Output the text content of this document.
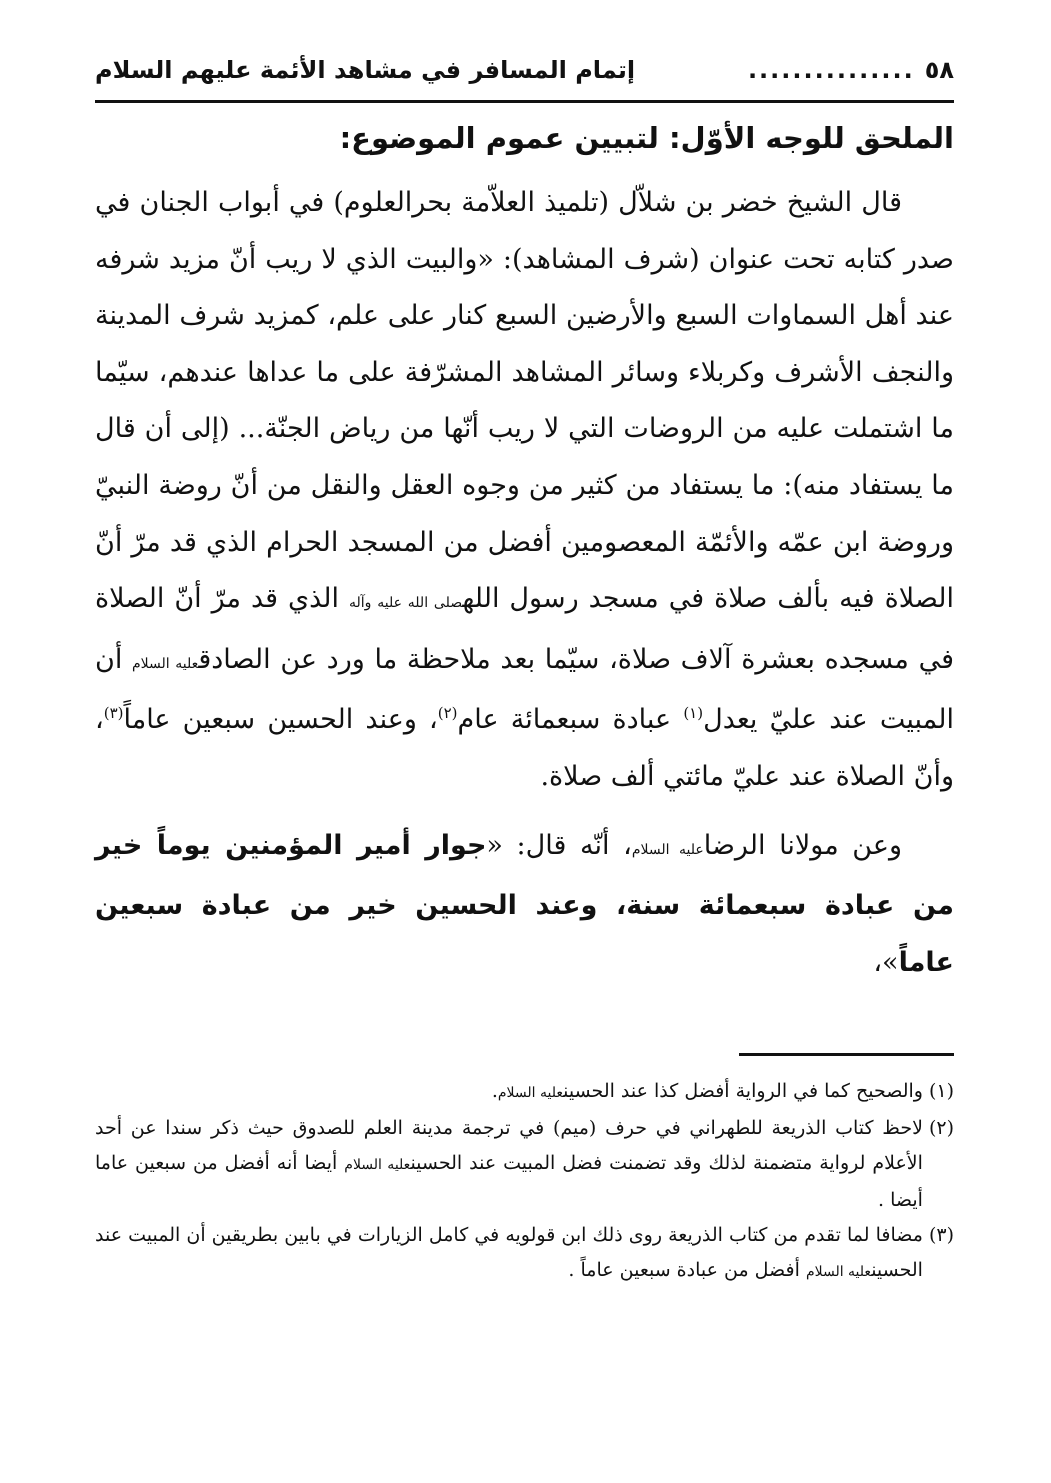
٥٨
...............
إتمام المسافر في مشاهد الأئمة عليهم السلام
الملحق للوجه الأوّل: لتبيين عموم الموضوع:

قال الشيخ خضر بن شلاّل (تلميذ العلاّمة بحرالعلوم) في أبواب الجنان في صدر كتابه تحت عنوان (شرف المشاهد): «والبيت الذي لا ريب أنّ مزيد شرفه عند أهل السماوات السبع والأرضين السبع كنار على علم، كمزيد شرف المدينة والنجف الأشرف وكربلاء وسائر المشاهد المشرّفة على ما عداها عندهم، سيّما ما اشتملت عليه من الروضات التي لا ريب أنّها من رياض الجنّة... (إلى أن قال ما يستفاد منه): ما يستفاد من كثير من وجوه العقل والنقل من أنّ روضة النبيّ وروضة ابن عمّه والأئمّة المعصومين أفضل من المسجد الحرام الذي قد مرّ أنّ الصلاة فيه بألف صلاة في مسجد رسول اللهصلى الله عليه وآله الذي قد مرّ أنّ الصلاة في مسجده بعشرة آلاف صلاة، سيّما بعد ملاحظة ما ورد عن الصادقعليه السلام أن المبيت عند عليّ يعدل$^{(١)}$ عبادة سبعمائة عام$^{(٢)}$، وعند الحسين سبعين عاماً$^{(٣)}$، وأنّ الصلاة عند عليّ مائتي ألف صلاة.

وعن مولانا الرضاعليه السلام، أنّه قال: «جوار أمير المؤمنين يوماً خير من عبادة سبعمائة سنة، وعند الحسين خير من عبادة سبعين عاماً»،

(١)
والصحيح كما في الرواية أفضل كذا عند الحسينعليه السلام.

(٢)
لاحظ كتاب الذريعة للطهراني في حرف (ميم) في ترجمة مدينة العلم للصدوق حيث ذكر سندا عن أحد الأعلام لرواية متضمنة لذلك وقد تضمنت فضل المبيت عند الحسينعليه السلام أيضا أنه أفضل من سبعين عاما أيضا .

(٣)
مضافا لما تقدم من كتاب الذريعة روى ذلك ابن قولويه في كامل الزيارات في بابين بطريقين أن المبيت عند الحسينعليه السلام أفضل من عبادة سبعين عاماً .
